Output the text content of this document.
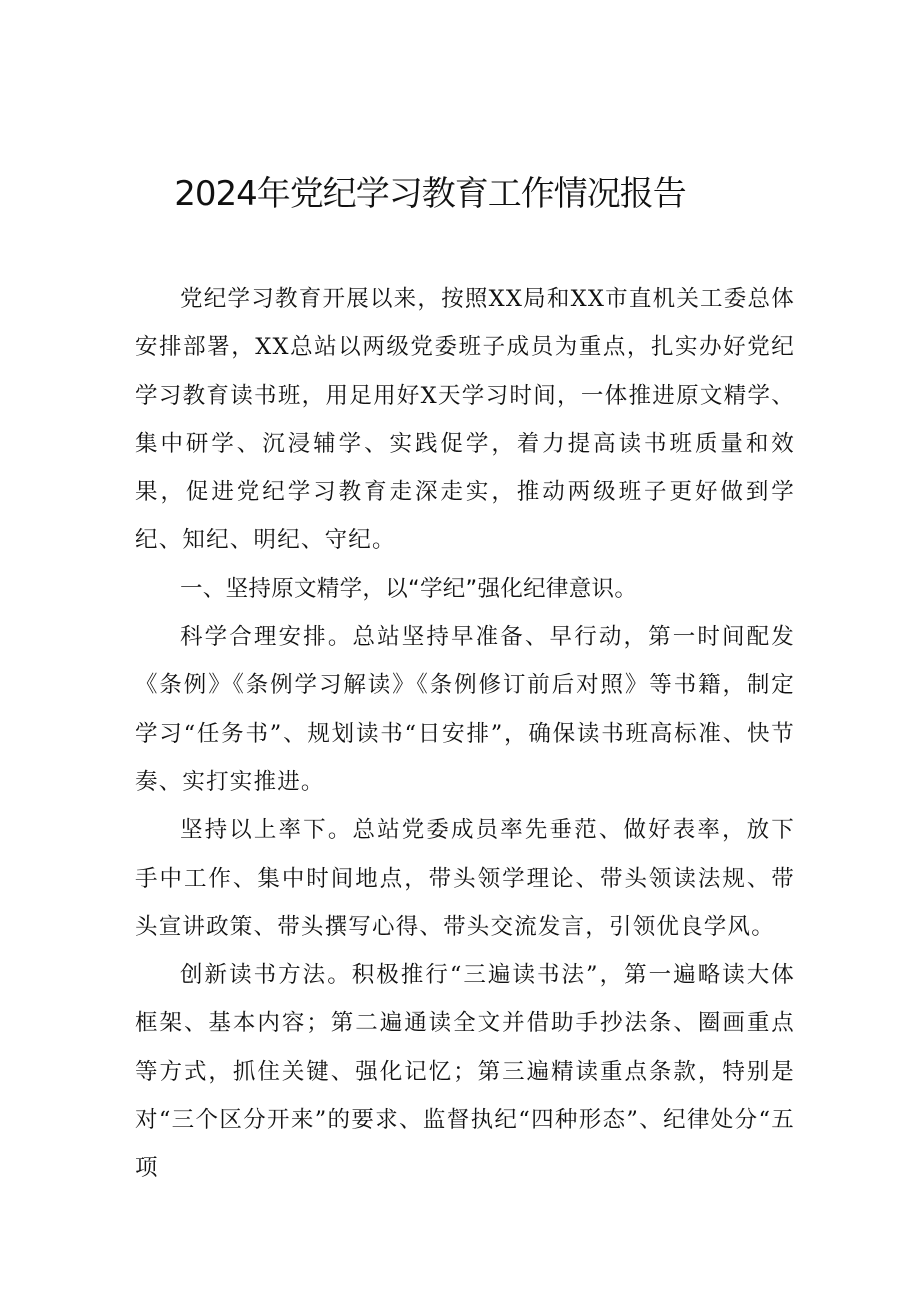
2024年党纪学习教育工作情况报告

党纪学习教育开展以来，按照XX局和XX市直机关工委总体安排部署，XX总站以两级党委班子成员为重点，扎实办好党纪学习教育读书班，用足用好X天学习时间，一体推进原文精学、集中研学、沉浸辅学、实践促学，着力提高读书班质量和效果，促进党纪学习教育走深走实，推动两级班子更好做到学纪、知纪、明纪、守纪。

一、坚持原文精学，以“学纪”强化纪律意识。

科学合理安排。总站坚持早准备、早行动，第一时间配发《条例》《条例学习解读》《条例修订前后对照》等书籍，制定学习“任务书”、规划读书“日安排”，确保读书班高标准、快节奏、实打实推进。

坚持以上率下。总站党委成员率先垂范、做好表率，放下手中工作、集中时间地点，带头领学理论、带头领读法规、带头宣讲政策、带头撰写心得、带头交流发言，引领优良学风。

创新读书方法。积极推行“三遍读书法”，第一遍略读大体框架、基本内容；第二遍通读全文并借助手抄法条、圈画重点等方式，抓住关键、强化记忆；第三遍精读重点条款，特别是对“三个区分开来”的要求、监督执纪“四种形态”、纪律处分“五项
